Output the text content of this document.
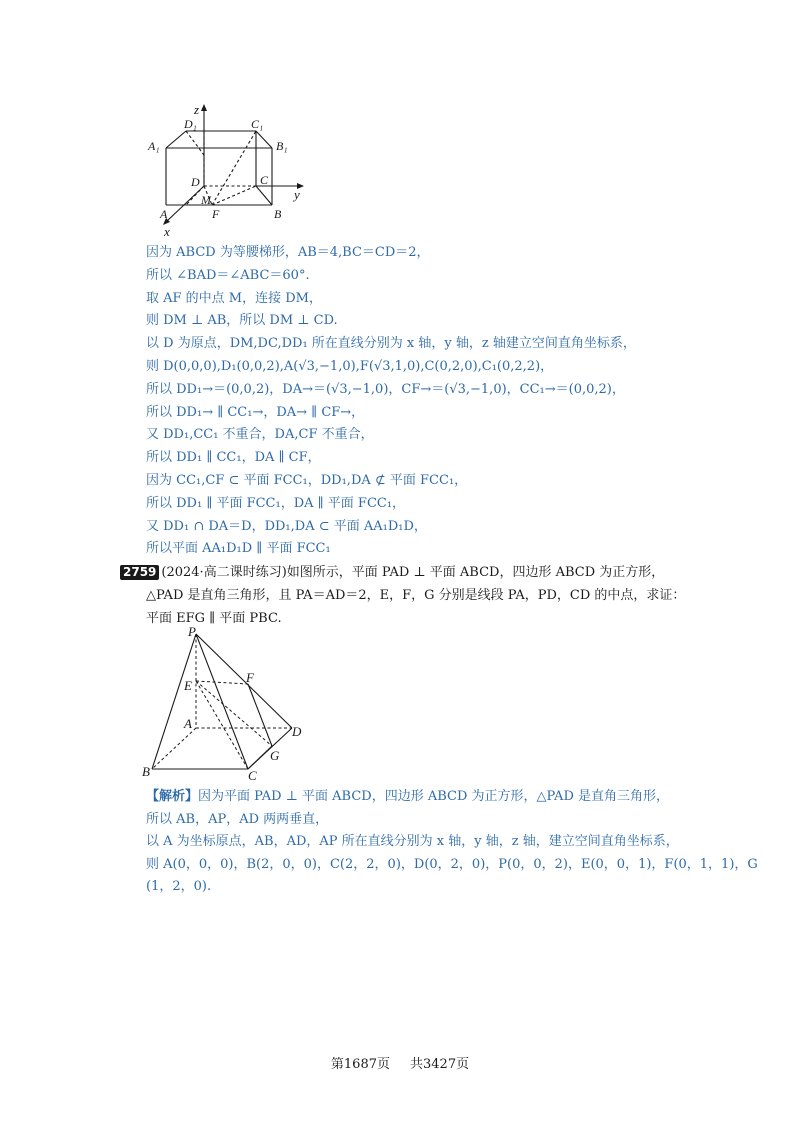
z
y
x
D₁	C₁
A₁	B₁
D	C
M
A	F	B
因为 ABCD 为等腰梯形，AB＝4,BC＝CD＝2，
所以 ∠BAD＝∠ABC＝60°.
取 AF 的中点 M，连接 DM，
则 DM ⊥ AB，所以 DM ⊥ CD.
以 D 为原点，DM,DC,DD₁ 所在直线分别为 x 轴，y 轴，z 轴建立空间直角坐标系，
则 D(0,0,0),D₁(0,0,2),A(√3,−1,0),F(√3,1,0),C(0,2,0),C₁(0,2,2)，
所以 DD₁→＝(0,0,2)，DA→＝(√3,−1,0)，CF→＝(√3,−1,0)，CC₁→＝(0,0,2)，
所以 DD₁→ ∥ CC₁→，DA→ ∥ CF→，
又 DD₁,CC₁ 不重合，DA,CF 不重合，
所以 DD₁ ∥ CC₁，DA ∥ CF，
因为 CC₁,CF ⊂ 平面 FCC₁，DD₁,DA ⊄ 平面 FCC₁，
所以 DD₁ ∥ 平面 FCC₁，DA ∥ 平面 FCC₁，
又 DD₁ ∩ DA＝D，DD₁,DA ⊂ 平面 AA₁D₁D，
所以平面 AA₁D₁D ∥ 平面 FCC₁
2759 (2024·高二课时练习)如图所示，平面 PAD ⊥ 平面 ABCD，四边形 ABCD 为正方形，
△PAD 是直角三角形，且 PA＝AD＝2，E，F，G 分别是线段 PA，PD，CD 的中点，求证：
平面 EFG ∥ 平面 PBC.
P
E
F
A
D
G
B	C
【解析】因为平面 PAD ⊥ 平面 ABCD，四边形 ABCD 为正方形，△PAD 是直角三角形，
所以 AB，AP，AD 两两垂直，
以 A 为坐标原点，AB，AD，AP 所在直线分别为 x 轴，y 轴，z 轴，建立空间直角坐标系，
则 A(0，0，0)，B(2，0，0)，C(2，2，0)，D(0，2，0)，P(0，0，2)，E(0，0，1)，F(0，1，1)，G
(1，2，0).
第1687页 共3427页
